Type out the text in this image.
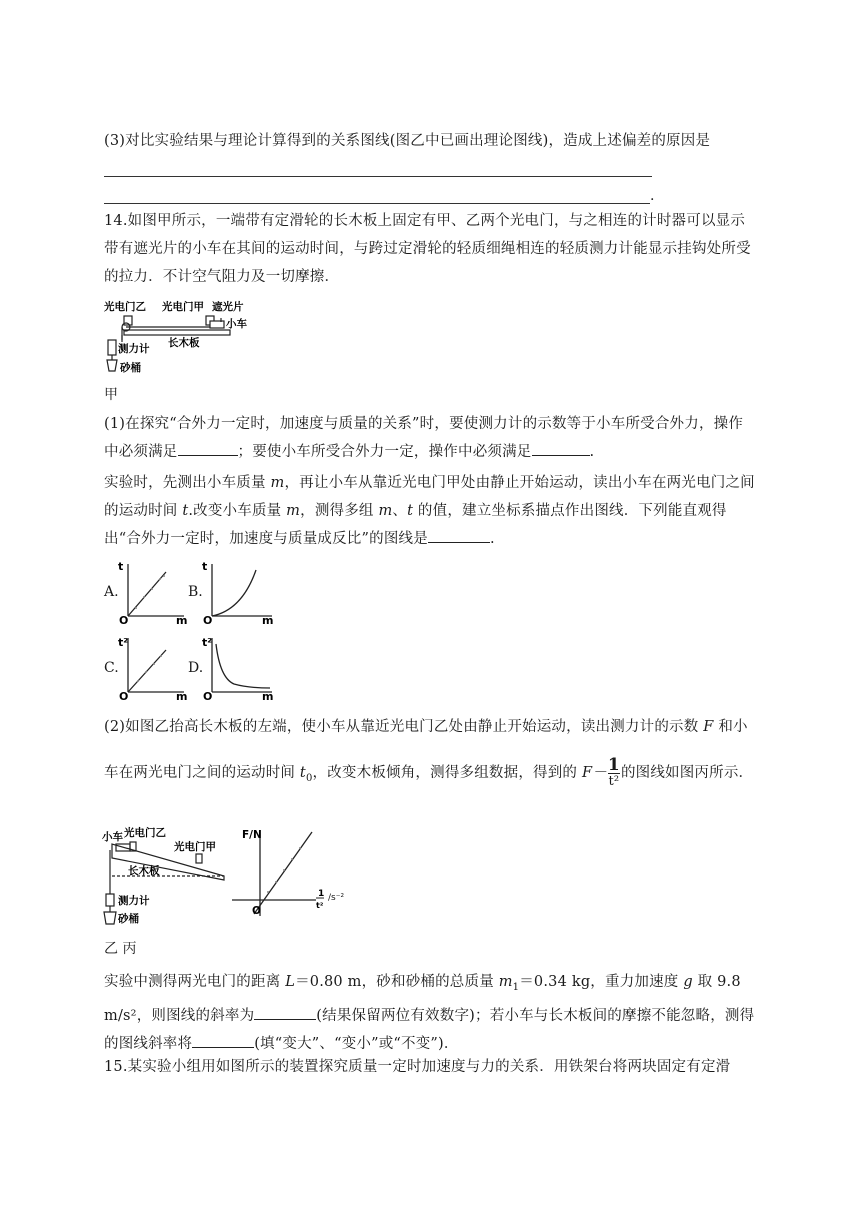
(3)对比实验结果与理论计算得到的关系图线(图乙中已画出理论图线)，造成上述偏差的原因是

.

14.如图甲所示，一端带有定滑轮的长木板上固定有甲、乙两个光电门，与之相连的计时器可以显示带有遮光片的小车在其间的运动时间，与跨过定滑轮的轻质细绳相连的轻质测力计能显示挂钩处所受的拉力．不计空气阻力及一切摩擦．

光电门乙 光电门甲 遮光片
小车
测力计 长木板
砂桶
甲

(1)在探究“合外力一定时，加速度与质量的关系”时，要使测力计的示数等于小车所受合外力，操作中必须满足	；要使小车所受合外力一定，操作中必须满足	.

实验时，先测出小车质量 m，再让小车从靠近光电门甲处由静止开始运动，读出小车在两光电门之间的运动时间 t.改变小车质量 m，测得多组 m、t 的值，建立坐标系描点作出图线．下列能直观得出“合外力一定时，加速度与质量成反比”的图线是	.

A.
t
O	m
B.
t
O	m
C.
t²
O	m
D.
t²
O	m

(2)如图乙抬高长木板的左端，使小车从靠近光电门乙处由静止开始运动，读出测力计的示数 F 和小车在两光电门之间的运动时间 $t_0$，改变木板倾角，测得多组数据，得到的 F－ 1
t² 的图线如图丙所示．

小车 光电门乙
光电门甲
长木板
测力计
砂桶
F/N
O
1
t²
/s⁻²
乙 丙

实验中测得两光电门的距离 L＝0.80 m，砂和砂桶的总质量 $m_1=0.34$ kg，重力加速度 g 取 9.8 m/s²，则图线的斜率为	(结果保留两位有效数字)；若小车与长木板间的摩擦不能忽略，测得的图线斜率将	(填“变大”、“变小”或“不变”)．

15.某实验小组用如图所示的装置探究质量一定时加速度与力的关系．用铁架台将两块固定有定滑
